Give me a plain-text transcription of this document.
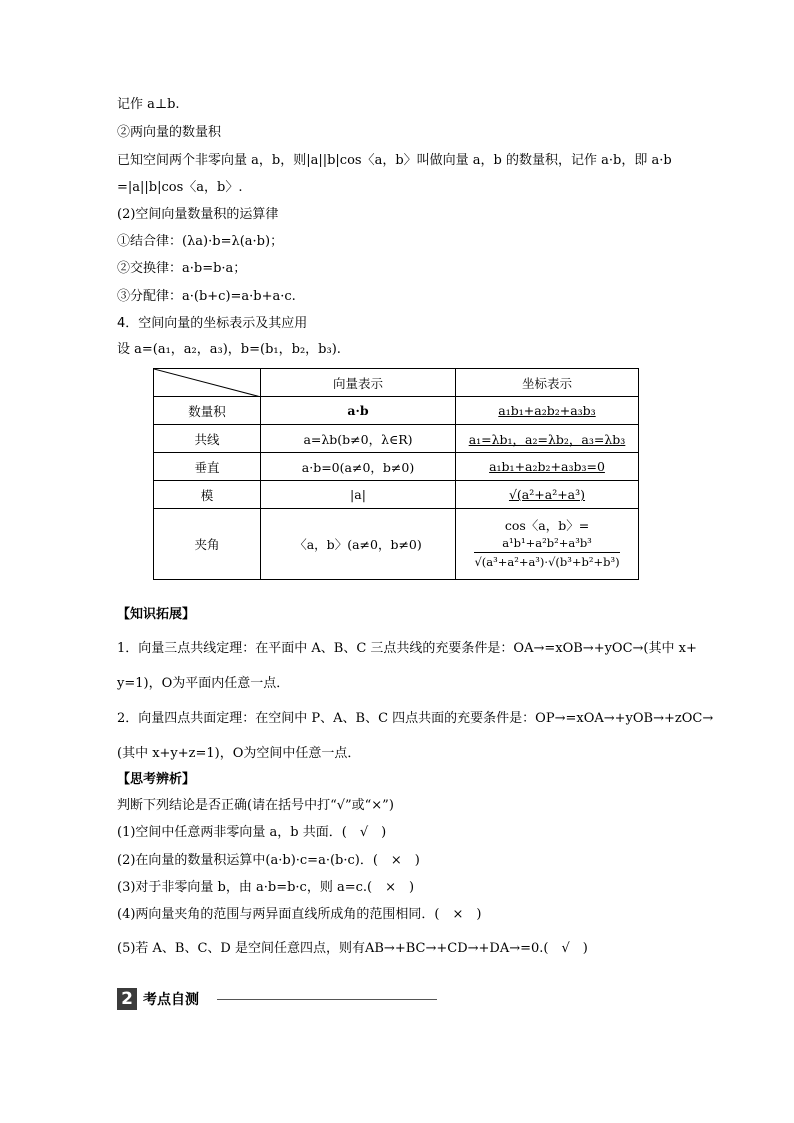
记作 a⊥b.
②两向量的数量积
已知空间两个非零向量 a，b，则|a||b|cos〈a，b〉叫做向量 a，b 的数量积，记作 a·b，即 a·b
=|a||b|cos〈a，b〉.
(2)空间向量数量积的运算律
①结合律：(λa)·b=λ(a·b)；
②交换律：a·b=b·a；
③分配律：a·(b+c)=a·b+a·c.
4．空间向量的坐标表示及其应用
设 a=(a₁，a₂，a₃)，b=(b₁，b₂，b₃).
	向量表示	坐标表示
数量积	a·b	a₁b₁+a₂b₂+a₃b₃
共线	a=λb(b≠0，λ∈R)	a₁=λb₁，a₂=λb₂，a₃=λb₃
垂直	a·b=0(a≠0，b≠0)	a₁b₁+a₂b₂+a₃b₃=0
模	|a|	√(a²+a²+a³)
夹角	〈a，b〉(a≠0，b≠0)	cos〈a，b〉=
$\frac{\text{a¹b¹+a²b²+a³b³}}{\text{√(a³+a²+a³)·√(b³+b²+b³)}}$
【知识拓展】
1．向量三点共线定理：在平面中 A、B、C 三点共线的充要条件是：OA→=xOB→+yOC→(其中 x+
y=1)，O为平面内任意一点．
2．向量四点共面定理：在空间中 P、A、B、C 四点共面的充要条件是：OP→=xOA→+yOB→+zOC→
(其中 x+y+z=1)，O为空间中任意一点．
【思考辨析】
判断下列结论是否正确(请在括号中打“√”或“×”)
(1)空间中任意两非零向量 a，b 共面．(　√　)
(2)在向量的数量积运算中(a·b)·c=a·(b·c)．(　×　)
(3)对于非零向量 b，由 a·b=b·c，则 a=c.(　×　)
(4)两向量夹角的范围与两异面直线所成角的范围相同．(　×　)
(5)若 A、B、C、D 是空间任意四点，则有AB→+BC→+CD→+DA→=0.(　√　)
2 考点自测
